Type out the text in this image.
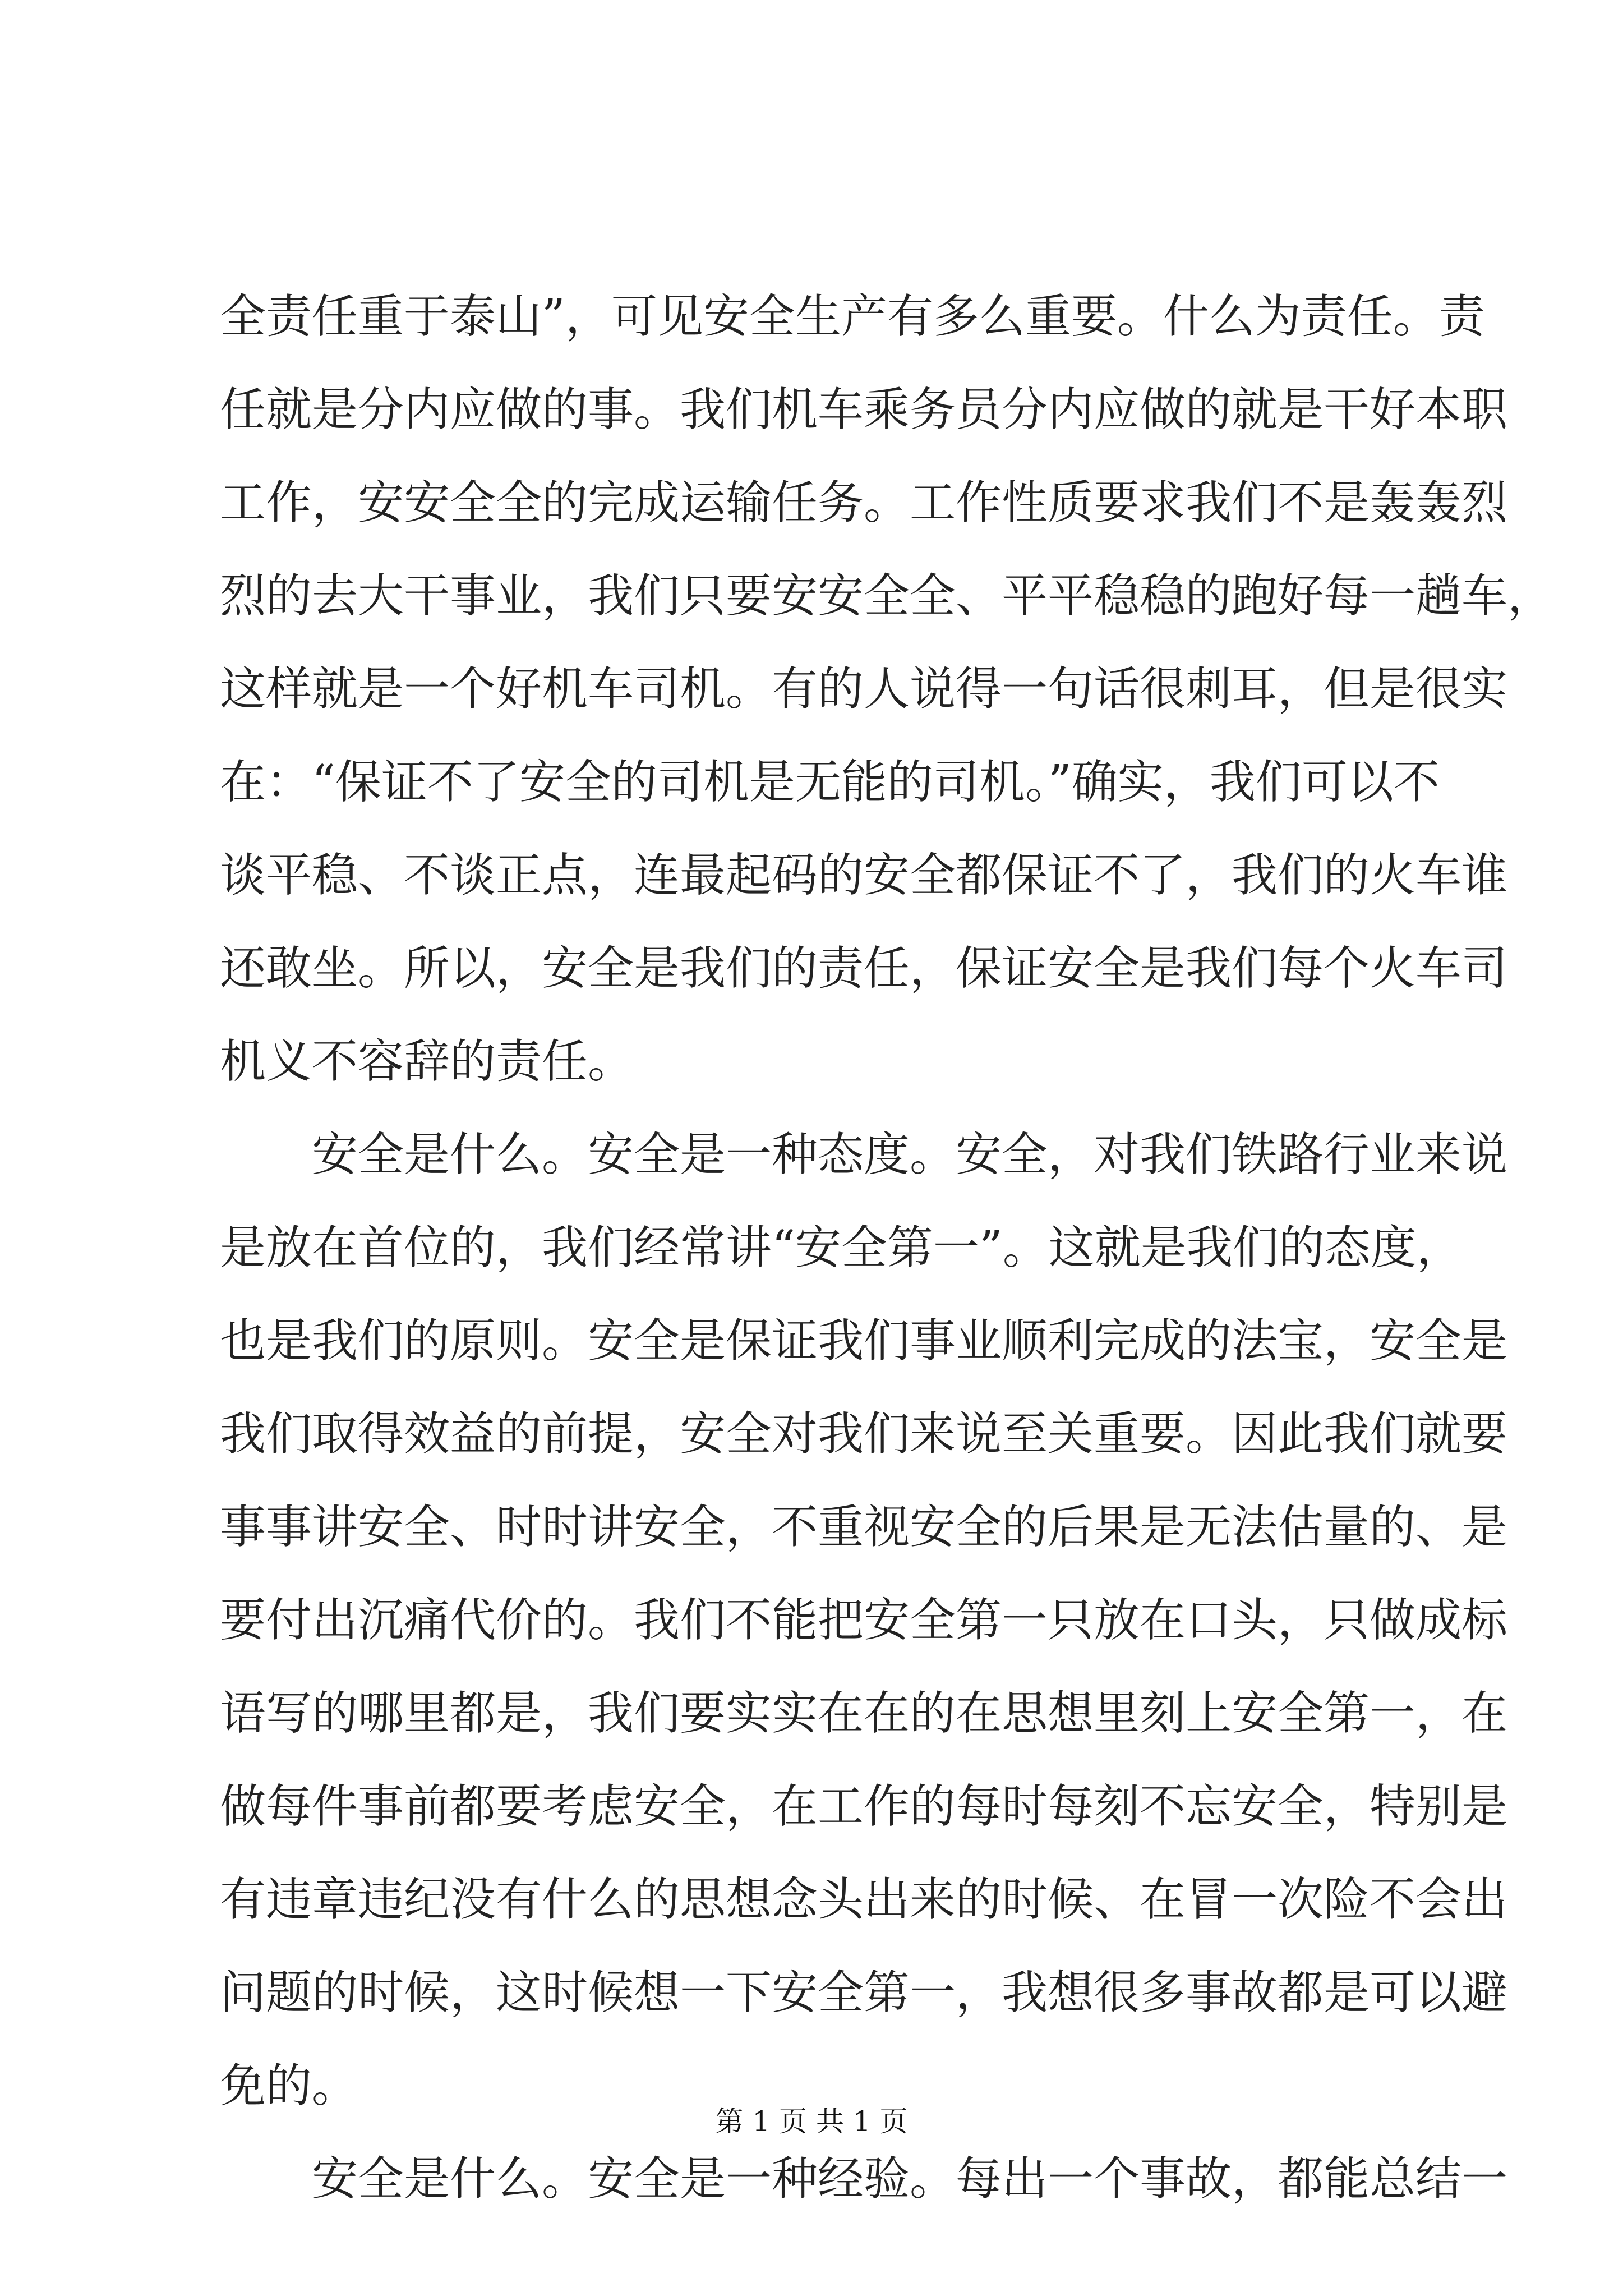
全责任重于泰山”，可见安全生产有多么重要。什么为责任。责
任就是分内应做的事。我们机车乘务员分内应做的就是干好本职
工作，安安全全的完成运输任务。工作性质要求我们不是轰轰烈
烈的去大干事业，我们只要安安全全、平平稳稳的跑好每一趟车，
这样就是一个好机车司机。有的人说得一句话很刺耳，但是很实
在：“保证不了安全的司机是无能的司机。”确实，我们可以不
谈平稳、不谈正点，连最起码的安全都保证不了，我们的火车谁
还敢坐。所以，安全是我们的责任，保证安全是我们每个火车司
机义不容辞的责任。
安全是什么。安全是一种态度。安全，对我们铁路行业来说
是放在首位的，我们经常讲“安全第一”。这就是我们的态度，
也是我们的原则。安全是保证我们事业顺利完成的法宝，安全是
我们取得效益的前提，安全对我们来说至关重要。因此我们就要
事事讲安全、时时讲安全，不重视安全的后果是无法估量的、是
要付出沉痛代价的。我们不能把安全第一只放在口头，只做成标
语写的哪里都是，我们要实实在在的在思想里刻上安全第一，在
做每件事前都要考虑安全，在工作的每时每刻不忘安全，特别是
有违章违纪没有什么的思想念头出来的时候、在冒一次险不会出
问题的时候，这时候想一下安全第一，我想很多事故都是可以避
免的。
安全是什么。安全是一种经验。每出一个事故，都能总结一
第 1 页 共 1 页
